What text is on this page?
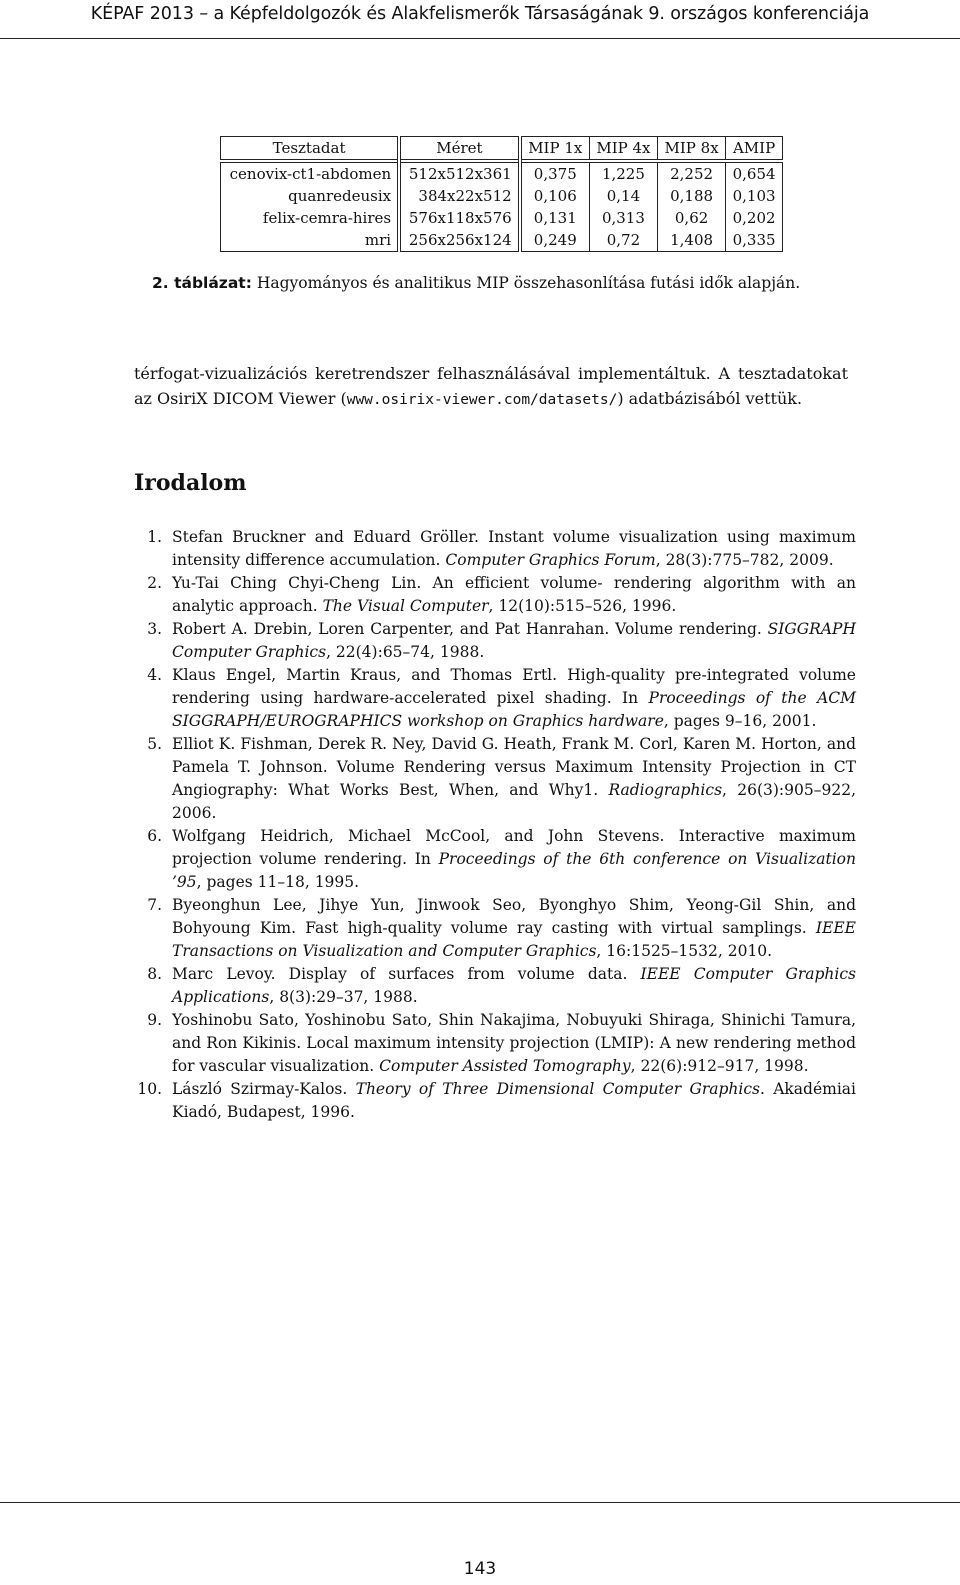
KÉPAF 2013 – a Képfeldolgozók és Alakfelismerők Társaságának 9. országos konferenciája
Tesztadat	Méret	MIP 1x	MIP 4x	MIP 8x	AMIP
cenovix-ct1-abdomen	512x512x361	0,375	1,225	2,252	0,654
quanredeusix	384x22x512	0,106	0,14	0,188	0,103
felix-cemra-hires	576x118x576	0,131	0,313	0,62	0,202
mri	256x256x124	0,249	0,72	1,408	0,335
2. táblázat: Hagyományos és analitikus MIP összehasonlítása futási idők alapján.
térfogat-vizualizációs keretrendszer felhasználásával implementáltuk. A tesztadatokat az OsiriX DICOM Viewer (www.osirix-viewer.com/datasets/) adatbázisából vettük.
Irodalom
1. Stefan Bruckner and Eduard Gröller. Instant volume visualization using maximum intensity difference accumulation. Computer Graphics Forum, 28(3):775–782, 2009.
2. Yu-Tai Ching Chyi-Cheng Lin. An efficient volume- rendering algorithm with an analytic approach. The Visual Computer, 12(10):515–526, 1996.
3. Robert A. Drebin, Loren Carpenter, and Pat Hanrahan. Volume rendering. SIGGRAPH Computer Graphics, 22(4):65–74, 1988.
4. Klaus Engel, Martin Kraus, and Thomas Ertl. High-quality pre-integrated volume rendering using hardware-accelerated pixel shading. In Proceedings of the ACM SIGGRAPH/EUROGRAPHICS workshop on Graphics hardware, pages 9–16, 2001.
5. Elliot K. Fishman, Derek R. Ney, David G. Heath, Frank M. Corl, Karen M. Horton, and Pamela T. Johnson. Volume Rendering versus Maximum Intensity Projection in CT Angiography: What Works Best, When, and Why1. Radiographics, 26(3):905–922, 2006.
6. Wolfgang Heidrich, Michael McCool, and John Stevens. Interactive maximum projection volume rendering. In Proceedings of the 6th conference on Visualization ’95, pages 11–18, 1995.
7. Byeonghun Lee, Jihye Yun, Jinwook Seo, Byonghyo Shim, Yeong-Gil Shin, and Bohyoung Kim. Fast high-quality volume ray casting with virtual samplings. IEEE Transactions on Visualization and Computer Graphics, 16:1525–1532, 2010.
8. Marc Levoy. Display of surfaces from volume data. IEEE Computer Graphics Applications, 8(3):29–37, 1988.
9. Yoshinobu Sato, Yoshinobu Sato, Shin Nakajima, Nobuyuki Shiraga, Shinichi Tamura, and Ron Kikinis. Local maximum intensity projection (LMIP): A new rendering method for vascular visualization. Computer Assisted Tomography, 22(6):912–917, 1998.
10. László Szirmay-Kalos. Theory of Three Dimensional Computer Graphics. Akadémiai Kiadó, Budapest, 1996.
143
